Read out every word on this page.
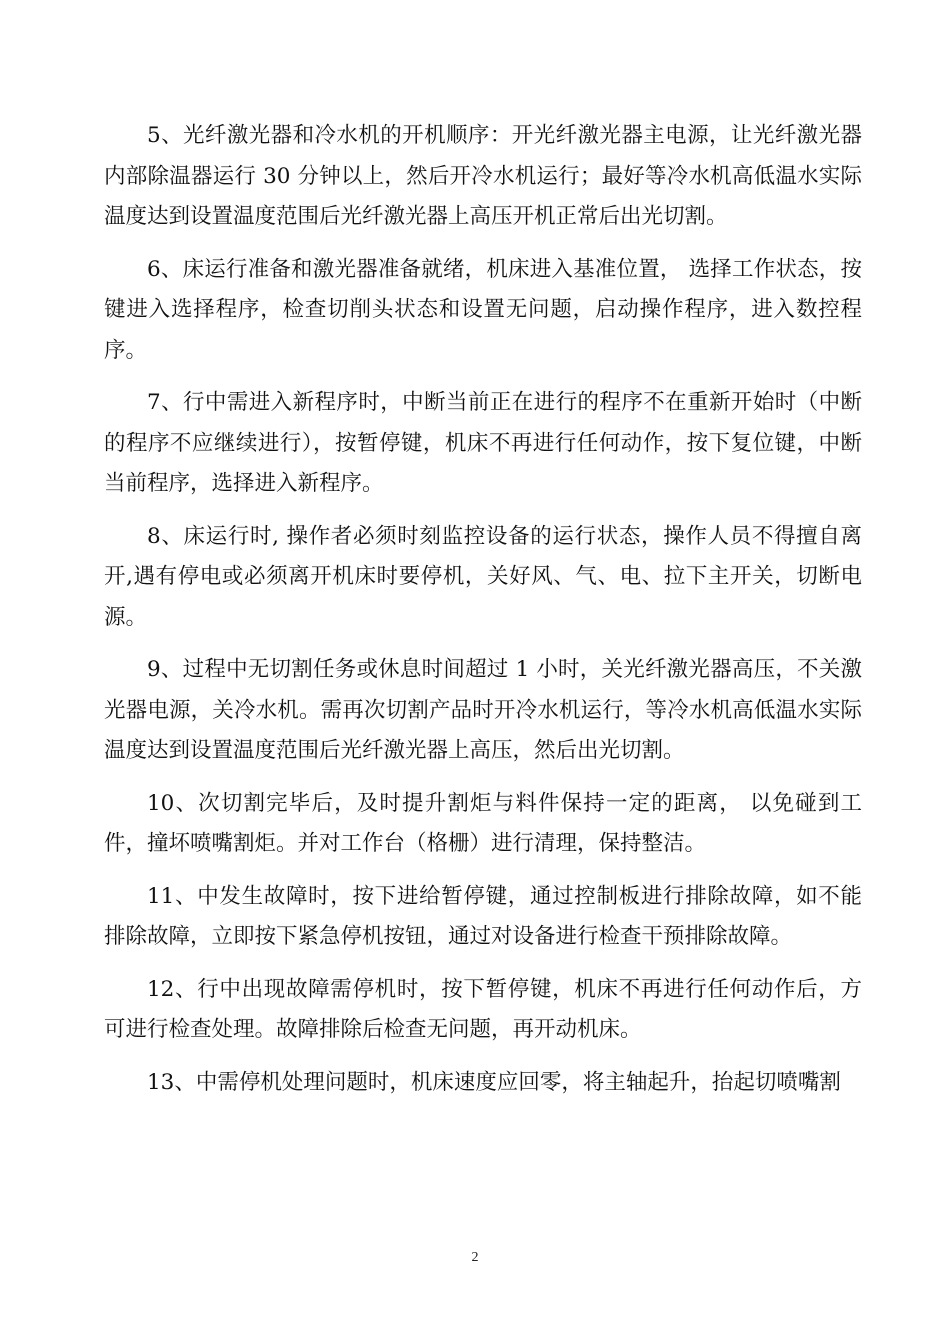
5、光纤激光器和冷水机的开机顺序：开光纤激光器主电源，让光纤激光器内部除温器运行 30 分钟以上，然后开冷水机运行；最好等冷水机高低温水实际温度达到设置温度范围后光纤激光器上高压开机正常后出光切割。

6、床运行准备和激光器准备就绪，机床进入基准位置， 选择工作状态，按键进入选择程序，检查切削头状态和设置无问题，启动操作程序，进入数控程序。

7、行中需进入新程序时，中断当前正在进行的程序不在重新开始时（中断的程序不应继续进行），按暂停键，机床不再进行任何动作，按下复位键，中断当前程序，选择进入新程序。

8、床运行时, 操作者必须时刻监控设备的运行状态，操作人员不得擅自离开,遇有停电或必须离开机床时要停机，关好风、气、电、拉下主开关，切断电源。

9、过程中无切割任务或休息时间超过 1 小时，关光纤激光器高压，不关激光器电源，关冷水机。需再次切割产品时开冷水机运行，等冷水机高低温水实际温度达到设置温度范围后光纤激光器上高压，然后出光切割。

10、次切割完毕后，及时提升割炬与料件保持一定的距离， 以免碰到工件，撞坏喷嘴割炬。并对工作台（格栅）进行清理，保持整洁。

11、中发生故障时，按下进给暂停键，通过控制板进行排除故障，如不能排除故障，立即按下紧急停机按钮，通过对设备进行检查干预排除故障。

12、行中出现故障需停机时，按下暂停键，机床不再进行任何动作后，方可进行检查处理。故障排除后检查无问题，再开动机床。

13、中需停机处理问题时，机床速度应回零，将主轴起升，抬起切喷嘴割

2
